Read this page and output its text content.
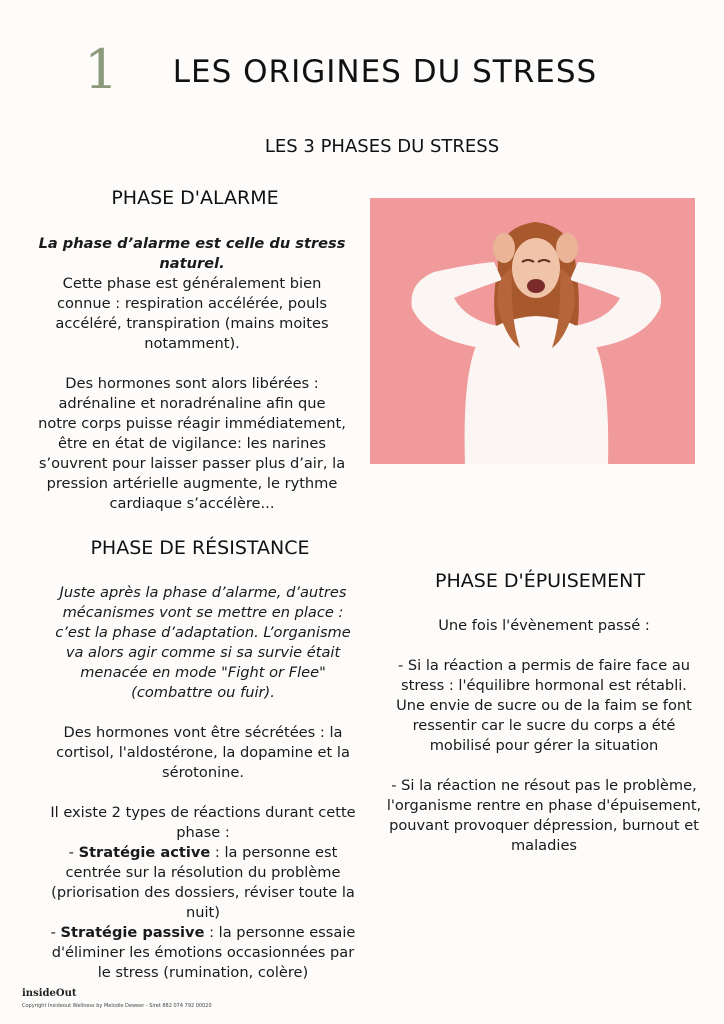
1	LES ORIGINES DU STRESS
LES 3 PHASES DU STRESS
PHASE D'ALARME

La phase d’alarme est celle du stress naturel.

Cette phase est généralement bien connue : respiration accélérée, pouls accéléré, transpiration (mains moites notamment).

Des hormones sont alors libérées : adrénaline et noradrénaline afin que notre corps puisse réagir immédiatement, être en état de vigilance: les narines s’ouvrent pour laisser passer plus d’air, la pression artérielle augmente, le rythme cardiaque s’accélère...

PHASE DE RÉSISTANCE

Juste après la phase d’alarme, d’autres mécanismes vont se mettre en place : c’est la phase d’adaptation. L’organisme va alors agir comme si sa survie était menacée en mode "Fight or Flee" (combattre ou fuir).

Des hormones vont être sécrétées : la cortisol, l'aldostérone, la dopamine et la sérotonine.

Il existe 2 types de réactions durant cette phase :

- Stratégie active : la personne est centrée sur la résolution du problème (priorisation des dossiers, réviser toute la nuit)

- Stratégie passive : la personne essaie d'éliminer les émotions occasionnées par le stress (rumination, colère)

PHASE D'ÉPUISEMENT

Une fois l'évènement passé :

- Si la réaction a permis de faire face au stress : l'équilibre hormonal est rétabli. Une envie de sucre ou de la faim se font ressentir car le sucre du corps a été mobilisé pour gérer la situation

- Si la réaction ne résout pas le problème, l'organisme rentre en phase d'épuisement, pouvant provoquer dépression, burnout et maladies

insideOut
Copyright Insideout Wellness by Melodie Deweer - Siret 882 074 792 00020
